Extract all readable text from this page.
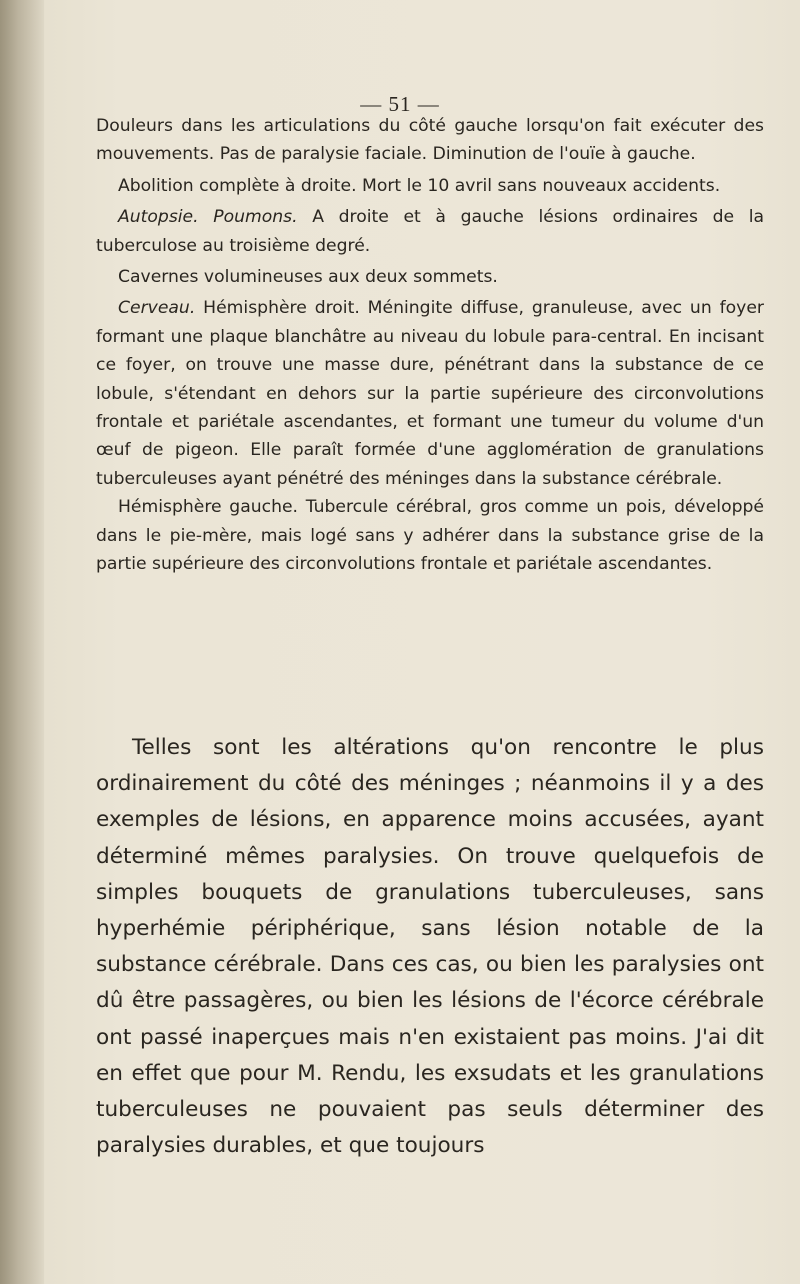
— 51 —

Douleurs dans les articulations du côté gauche lorsqu'on fait exécuter des mouvements. Pas de paralysie faciale. Diminution de l'ouïe à gauche.

Abolition complète à droite. Mort le 10 avril sans nouveaux accidents.

Autopsie. Poumons. A droite et à gauche lésions ordinaires de la tuberculose au troisième degré.

Cavernes volumineuses aux deux sommets.

Cerveau. Hémisphère droit. Méningite diffuse, granuleuse, avec un foyer formant une plaque blanchâtre au niveau du lobule para-central. En incisant ce foyer, on trouve une masse dure, pénétrant dans la substance de ce lobule, s'étendant en dehors sur la partie supérieure des circonvolutions frontale et pariétale ascendantes, et formant une tumeur du volume d'un œuf de pigeon. Elle paraît formée d'une agglomération de granulations tuberculeuses ayant pénétré des méninges dans la substance cérébrale.

Hémisphère gauche. Tubercule cérébral, gros comme un pois, développé dans le pie-mère, mais logé sans y adhérer dans la substance grise de la partie supérieure des circonvolutions frontale et pariétale ascendantes.

Telles sont les altérations qu'on rencontre le plus ordinairement du côté des méninges ; néanmoins il y a des exemples de lésions, en apparence moins accusées, ayant déterminé mêmes paralysies. On trouve quelquefois de simples bouquets de granulations tuberculeuses, sans hyperhémie périphérique, sans lésion notable de la substance cérébrale. Dans ces cas, ou bien les paralysies ont dû être passagères, ou bien les lésions de l'écorce cérébrale ont passé inaperçues mais n'en existaient pas moins. J'ai dit en effet que pour M. Rendu, les exsudats et les granulations tuberculeuses ne pouvaient pas seuls déterminer des paralysies durables, et que toujours
